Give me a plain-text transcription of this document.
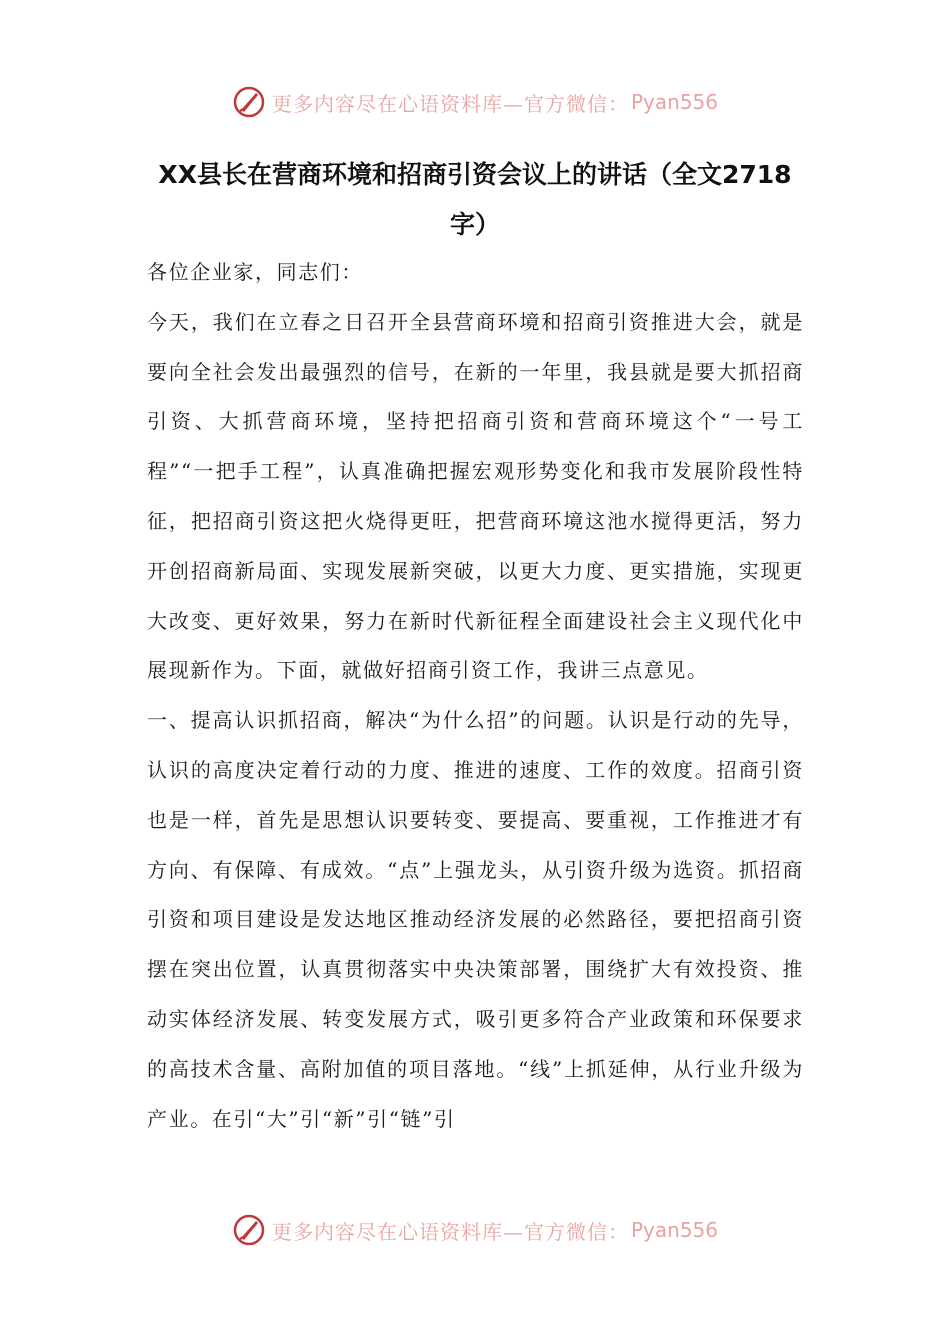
更多内容尽在心语资料库—官方微信： Pyan556
XX县长在营商环境和招商引资会议上的讲话（全文2718字）

各位企业家，同志们：

今天，我们在立春之日召开全县营商环境和招商引资推进大会，就是要向全社会发出最强烈的信号，在新的一年里，我县就是要大抓招商引资、大抓营商环境，坚持把招商引资和营商环境这个“一号工程”“一把手工程”，认真准确把握宏观形势变化和我市发展阶段性特征，把招商引资这把火烧得更旺，把营商环境这池水搅得更活，努力开创招商新局面、实现发展新突破，以更大力度、更实措施，实现更大改变、更好效果，努力在新时代新征程全面建设社会主义现代化中展现新作为。下面，就做好招商引资工作，我讲三点意见。

一、提高认识抓招商，解决“为什么招”的问题。认识是行动的先导，认识的高度决定着行动的力度、推进的速度、工作的效度。招商引资也是一样，首先是思想认识要转变、要提高、要重视，工作推进才有方向、有保障、有成效。“点”上强龙头，从引资升级为选资。抓招商引资和项目建设是发达地区推动经济发展的必然路径，要把招商引资摆在突出位置，认真贯彻落实中央决策部署，围绕扩大有效投资、推动实体经济发展、转变发展方式，吸引更多符合产业政策和环保要求的高技术含量、高附加值的项目落地。“线”上抓延伸，从行业升级为产业。在引“大”引“新”引“链”引

更多内容尽在心语资料库—官方微信： Pyan556
